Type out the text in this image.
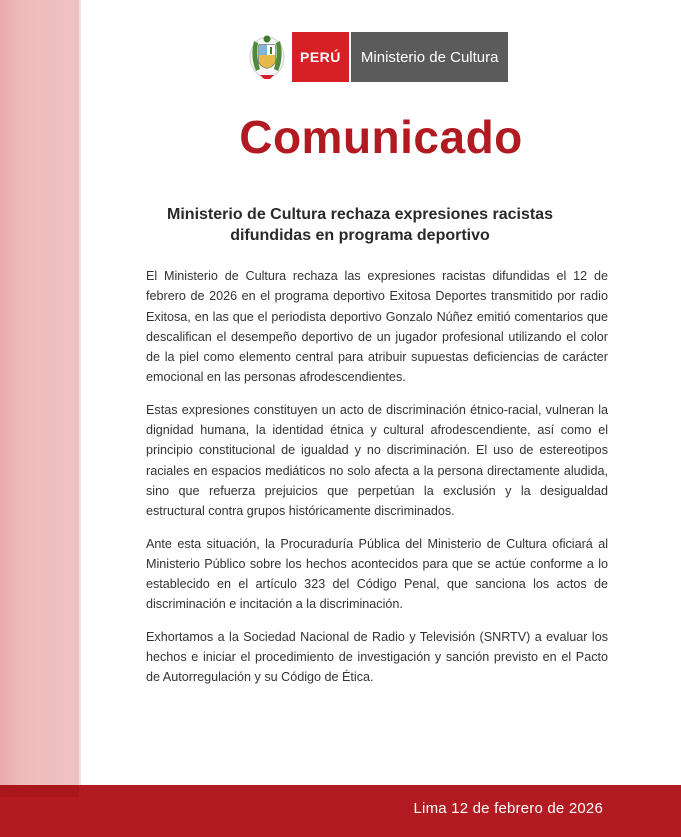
PERÚ	Ministerio de Cultura
Comunicado
Ministerio de Cultura rechaza expresiones racistas
difundidas en programa deportivo

El Ministerio de Cultura rechaza las expresiones racistas difundidas el 12 de febrero de 2026 en el programa deportivo Exitosa Deportes transmitido por radio Exitosa, en las que el periodista deportivo Gonzalo Núñez emitió comentarios que descalifican el desempeño deportivo de un jugador profesional utilizando el color de la piel como elemento central para atribuir supuestas deficiencias de carácter emocional en las personas afrodescendientes.

Estas expresiones constituyen un acto de discriminación étnico-racial, vulneran la dignidad humana, la identidad étnica y cultural afrodescendiente, así como el principio constitucional de igualdad y no discriminación. El uso de estereotipos raciales en espacios mediáticos no solo afecta a la persona directamente aludida, sino que refuerza prejuicios que perpetúan la exclusión y la desigualdad estructural contra grupos históricamente discriminados.

Ante esta situación, la Procuraduría Pública del Ministerio de Cultura oficiará al Ministerio Público sobre los hechos acontecidos para que se actúe conforme a lo establecido en el artículo 323 del Código Penal, que sanciona los actos de discriminación e incitación a la discriminación.

Exhortamos a la Sociedad Nacional de Radio y Televisión (SNRTV) a evaluar los hechos e iniciar el procedimiento de investigación y sanción previsto en el Pacto de Autorregulación y su Código de Ética.

Lima 12 de febrero de 2026
